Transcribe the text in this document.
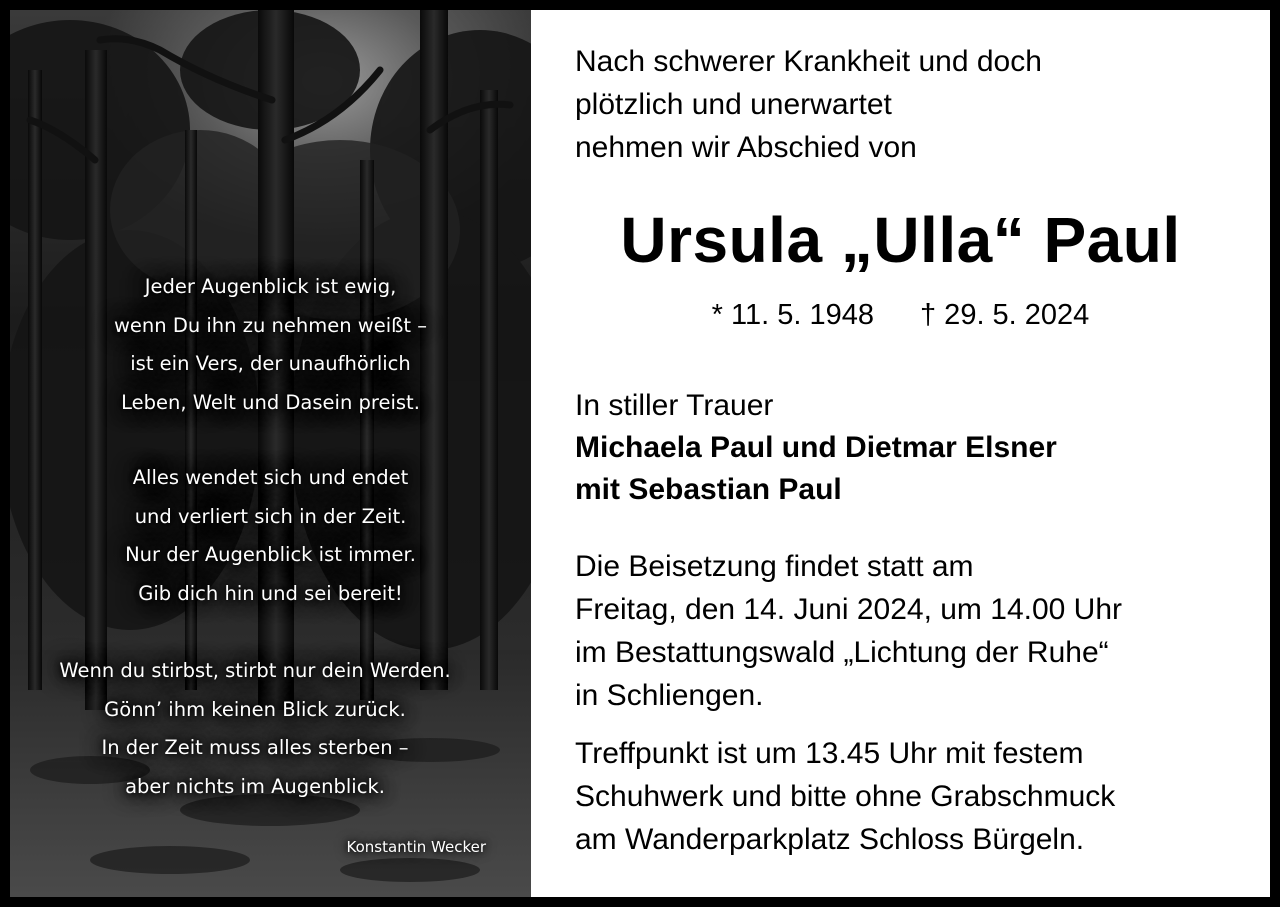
Jeder Augenblick ist ewig,
wenn Du ihn zu nehmen weißt –
ist ein Vers, der unaufhörlich
Leben, Welt und Dasein preist.
Alles wendet sich und endet
und verliert sich in der Zeit.
Nur der Augenblick ist immer.
Gib dich hin und sei bereit!
Wenn du stirbst, stirbt nur dein Werden.
Gönn’ ihm keinen Blick zurück.
In der Zeit muss alles sterben –
aber nichts im Augenblick.
Konstantin Wecker
Nach schwerer Krankheit und doch
plötzlich und unerwartet
nehmen wir Abschied von
Ursula „Ulla“ Paul
* 11. 5. 1948 † 29. 5. 2024
In stiller Trauer
Michaela Paul und Dietmar Elsner
mit Sebastian Paul
Die Beisetzung findet statt am
Freitag, den 14. Juni 2024, um 14.00 Uhr
im Bestattungswald „Lichtung der Ruhe“
in Schliengen.
Treffpunkt ist um 13.45 Uhr mit festem
Schuhwerk und bitte ohne Grabschmuck
am Wanderparkplatz Schloss Bürgeln.
